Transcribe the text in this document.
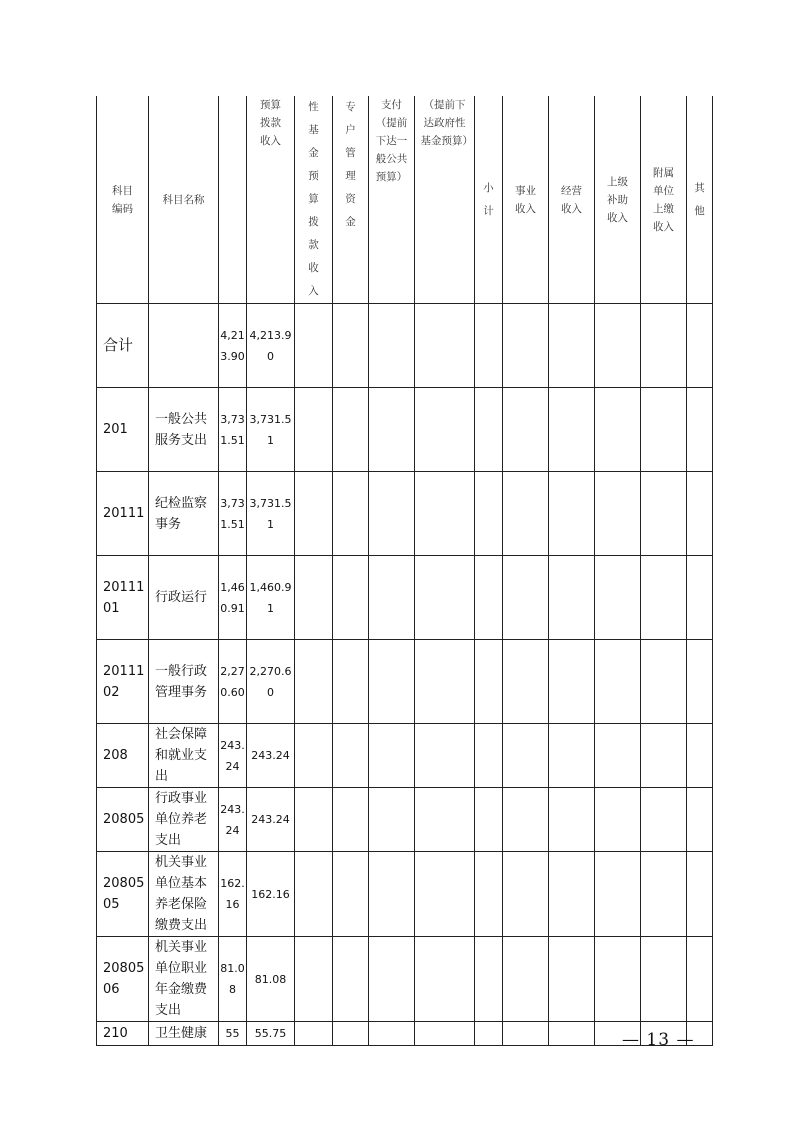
科目编码	科目名称		预算拨款收入	性基金预算拨款收入	专户管理资金	支付（提前下达一般公共预算）	（提前下达政府性基金预算）	小计	事业收入	经营收入	上级补助收入	附属单位上缴收入	其他
合计		4,213.90	4,213.90										
201	一般公共服务支出	3,731.51	3,731.51										
20111	纪检监察事务	3,731.51	3,731.51										
2011101	行政运行	1,460.91	1,460.91										
2011102	一般行政管理事务	2,270.60	2,270.60										
208	社会保障和就业支出	243.24	243.24										
20805	行政事业单位养老支出	243.24	243.24										
2080505	机关事业单位基本养老保险缴费支出	162.16	162.16										
2080506	机关事业单位职业年金缴费支出	81.08	81.08										
210	卫生健康	55	55.75											— 13 —
